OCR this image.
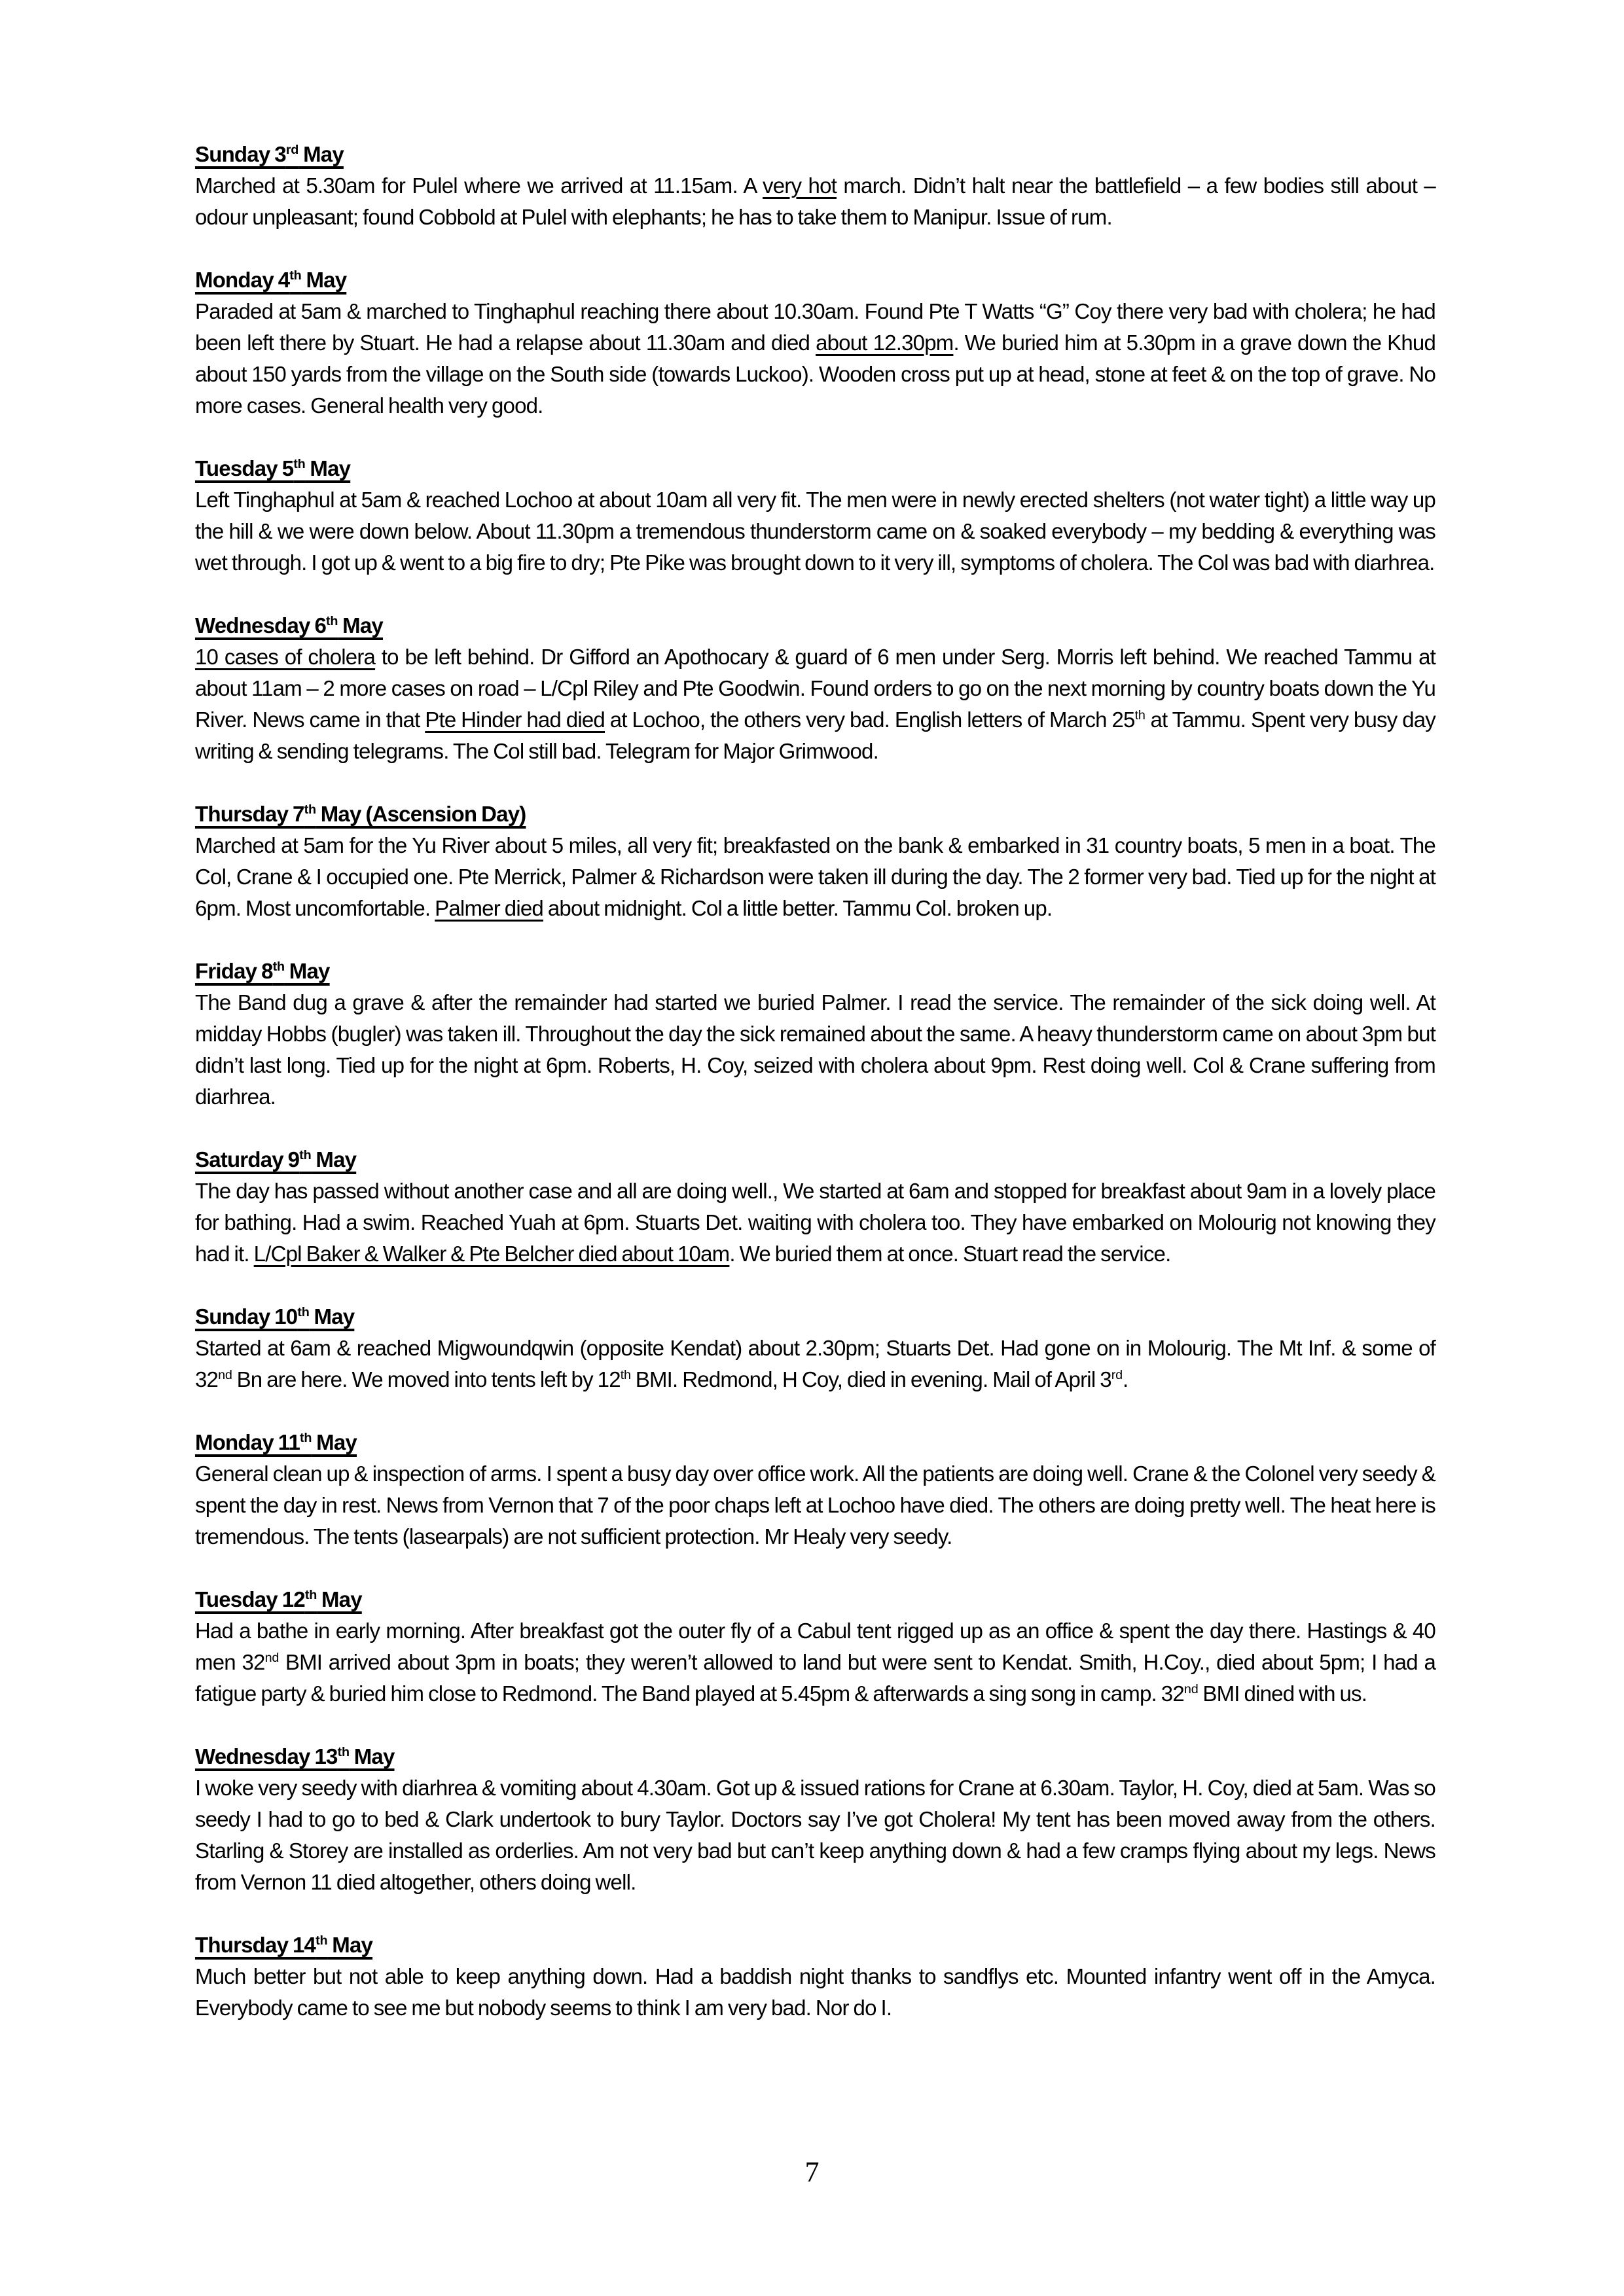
Sunday 3rd May

Marched at 5.30am for Pulel where we arrived at 11.15am. A very hot march. Didn’t halt near the battlefield – a few bodies still about – odour unpleasant; found Cobbold at Pulel with elephants; he has to take them to Manipur. Issue of rum.

Monday 4th May

Paraded at 5am & marched to Tinghaphul reaching there about 10.30am. Found Pte T Watts “G” Coy there very bad with cholera; he had been left there by Stuart. He had a relapse about 11.30am and died about 12.30pm. We buried him at 5.30pm in a grave down the Khud about 150 yards from the village on the South side (towards Luckoo). Wooden cross put up at head, stone at feet & on the top of grave. No more cases. General health very good.

Tuesday 5th May

Left Tinghaphul at 5am & reached Lochoo at about 10am all very fit. The men were in newly erected shelters (not water tight) a little way up the hill & we were down below. About 11.30pm a tremendous thunderstorm came on & soaked everybody – my bedding & everything was wet through. I got up & went to a big fire to dry; Pte Pike was brought down to it very ill, symptoms of cholera. The Col was bad with diarhrea.

Wednesday 6th May

10 cases of cholera to be left behind. Dr Gifford an Apothocary & guard of 6 men under Serg. Morris left behind. We reached Tammu at about 11am – 2 more cases on road – L/Cpl Riley and Pte Goodwin. Found orders to go on the next morning by country boats down the Yu River. News came in that Pte Hinder had died at Lochoo, the others very bad. English letters of March 25th at Tammu. Spent very busy day writing & sending telegrams. The Col still bad. Telegram for Major Grimwood.

Thursday 7th May (Ascension Day)

Marched at 5am for the Yu River about 5 miles, all very fit; breakfasted on the bank & embarked in 31 country boats, 5 men in a boat. The Col, Crane & I occupied one. Pte Merrick, Palmer & Richardson were taken ill during the day. The 2 former very bad. Tied up for the night at 6pm. Most uncomfortable. Palmer died about midnight. Col a little better. Tammu Col. broken up.

Friday 8th May

The Band dug a grave & after the remainder had started we buried Palmer. I read the service. The remainder of the sick doing well. At midday Hobbs (bugler) was taken ill. Throughout the day the sick remained about the same. A heavy thunderstorm came on about 3pm but didn’t last long. Tied up for the night at 6pm. Roberts, H. Coy, seized with cholera about 9pm. Rest doing well. Col & Crane suffering from diarhrea.

Saturday 9th May

The day has passed without another case and all are doing well., We started at 6am and stopped for breakfast about 9am in a lovely place for bathing. Had a swim. Reached Yuah at 6pm. Stuarts Det. waiting with cholera too. They have embarked on Molourig not knowing they had it. L/Cpl Baker & Walker & Pte Belcher died about 10am. We buried them at once. Stuart read the service.

Sunday 10th May

Started at 6am & reached Migwoundqwin (opposite Kendat) about 2.30pm; Stuarts Det. Had gone on in Molourig. The Mt Inf. & some of 32nd Bn are here. We moved into tents left by 12th BMI. Redmond, H Coy, died in evening. Mail of April 3rd.

Monday 11th May

General clean up & inspection of arms. I spent a busy day over office work. All the patients are doing well. Crane & the Colonel very seedy & spent the day in rest. News from Vernon that 7 of the poor chaps left at Lochoo have died. The others are doing pretty well. The heat here is tremendous. The tents (lasearpals) are not sufficient protection. Mr Healy very seedy.

Tuesday 12th May

Had a bathe in early morning. After breakfast got the outer fly of a Cabul tent rigged up as an office & spent the day there. Hastings & 40 men 32nd BMI arrived about 3pm in boats; they weren’t allowed to land but were sent to Kendat. Smith, H.Coy., died about 5pm; I had a fatigue party & buried him close to Redmond. The Band played at 5.45pm & afterwards a sing song in camp. 32nd BMI dined with us.

Wednesday 13th May

I woke very seedy with diarhrea & vomiting about 4.30am. Got up & issued rations for Crane at 6.30am. Taylor, H. Coy, died at 5am. Was so seedy I had to go to bed & Clark undertook to bury Taylor. Doctors say I’ve got Cholera! My tent has been moved away from the others. Starling & Storey are installed as orderlies. Am not very bad but can’t keep anything down & had a few cramps flying about my legs. News from Vernon 11 died altogether, others doing well.

Thursday 14th May

Much better but not able to keep anything down. Had a baddish night thanks to sandflys etc. Mounted infantry went off in the Amyca. Everybody came to see me but nobody seems to think I am very bad. Nor do I.

7
